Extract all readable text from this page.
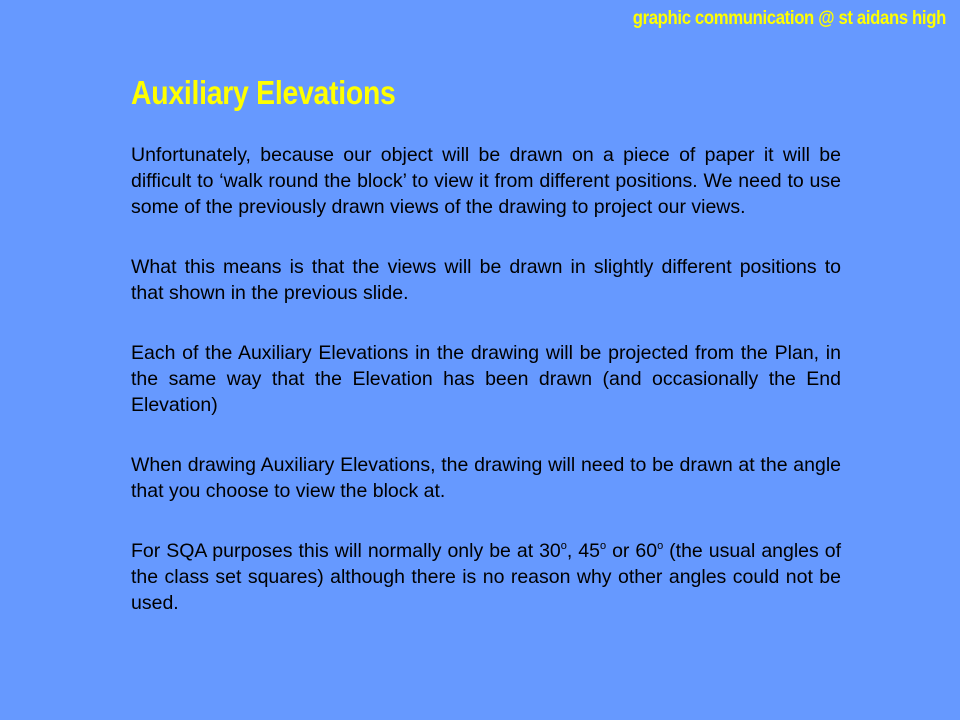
graphic communication @ st aidans high
Auxiliary Elevations

Unfortunately, because our object will be drawn on a piece of paper it will be difficult to ‘walk round the block’ to view it from different positions. We need to use some of the previously drawn views of the drawing to project our views.

What this means is that the views will be drawn in slightly different positions to that shown in the previous slide.

Each of the Auxiliary Elevations in the drawing will be projected from the Plan, in the same way that the Elevation has been drawn (and occasionally the End Elevation)

When drawing Auxiliary Elevations, the drawing will need to be drawn at the angle that you choose to view the block at.

For SQA purposes this will normally only be at 30$^o$, 45$^o$ or 60$^o$ (the usual angles of the class set squares) although there is no reason why other angles could not be used.
